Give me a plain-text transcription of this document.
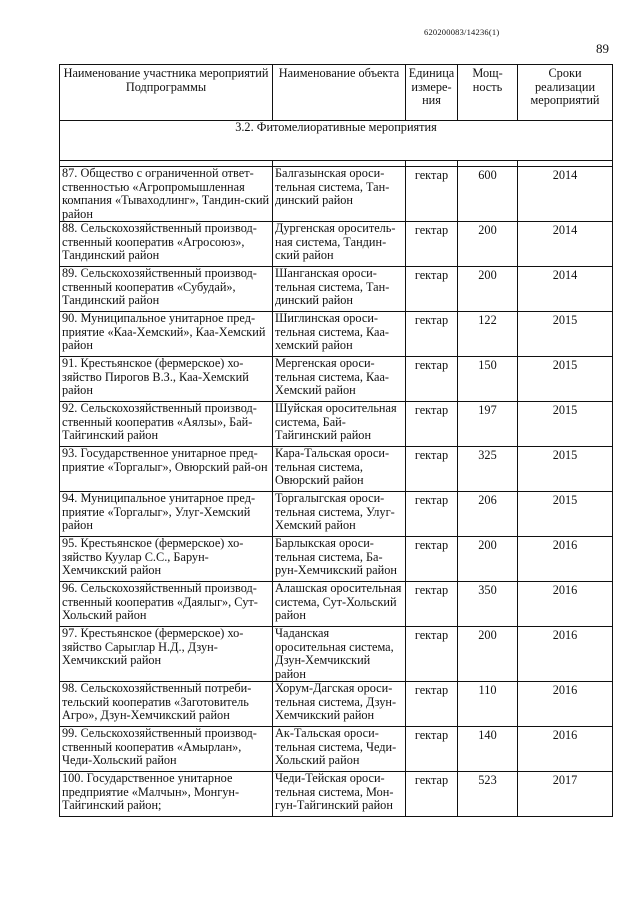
620200083/14236(1)
89
Наименование участника мероприятий Подпрограммы	Наименование объекта	Единица измере-ния	Мощ-ность	Сроки реализации мероприятий
3.2. Фитомелиоративные мероприятия				

87. Общество с ограниченной ответ-ственностью «Агропромышленная компания «Тываходлинг», Тандин-ский район	Балгазынская ороси-тельная система, Тан-динский район	гектар	600	2014
88. Сельскохозяйственный производ-ственный кооператив «Агросоюз», Тандинский район	Дургенская ороситель-ная система, Тандин-ский район	гектар	200	2014
89. Сельскохозяйственный производ-ственный кооператив «Субудай», Тандинский район	Шанганская ороси-тельная система, Тан-динский район	гектар	200	2014
90. Муниципальное унитарное пред-приятие «Каа-Хемский», Каа-Хемский район	Шиглинская ороси-тельная система, Каа-хемский район	гектар	122	2015
91. Крестьянское (фермерское) хо-зяйство Пирогов В.З., Каа-Хемский район	Мергенская ороси-тельная система, Каа-Хемский район	гектар	150	2015
92. Сельскохозяйственный производ-ственный кооператив «Аялзы», Бай-Тайгинский район	Шуйская оросительная система, Бай-Тайгинский район	гектар	197	2015
93. Государственное унитарное пред-приятие «Торгалыг», Овюрский рай-он	Кара-Тальская ороси-тельная система, Овюрский район	гектар	325	2015
94. Муниципальное унитарное пред-приятие «Торгалыг», Улуг-Хемский район	Торгалыгская ороси-тельная система, Улуг-Хемский район	гектар	206	2015
95. Крестьянское (фермерское) хо-зяйство Куулар С.С., Барун-Хемчикский район	Барлыкская ороси-тельная система, Ба-рун-Хемчикский район	гектар	200	2016
96. Сельскохозяйственный производ-ственный кооператив «Даялыг», Сут-Хольский район	Алашская оросительная система, Сут-Хольский район	гектар	350	2016
97. Крестьянское (фермерское) хо-зяйство Сарыглар Н.Д., Дзун-Хемчикский район	Чаданская оросительная система, Дзун-Хемчикский район	гектар	200	2016
98. Сельскохозяйственный потреби-тельский кооператив «Заготовитель Агро», Дзун-Хемчикский район	Хорум-Дагская ороси-тельная система, Дзун-Хемчикский район	гектар	110	2016
99. Сельскохозяйственный производ-ственный кооператив «Амырлан», Чеди-Хольский район	Ак-Тальская ороси-тельная система, Чеди-Хольский район	гектар	140	2016
100. Государственное унитарное предприятие «Малчын», Монгун-Тайгинский район;	Чеди-Тейская ороси-тельная система, Мон-гун-Тайгинский район	гектар	523	2017
